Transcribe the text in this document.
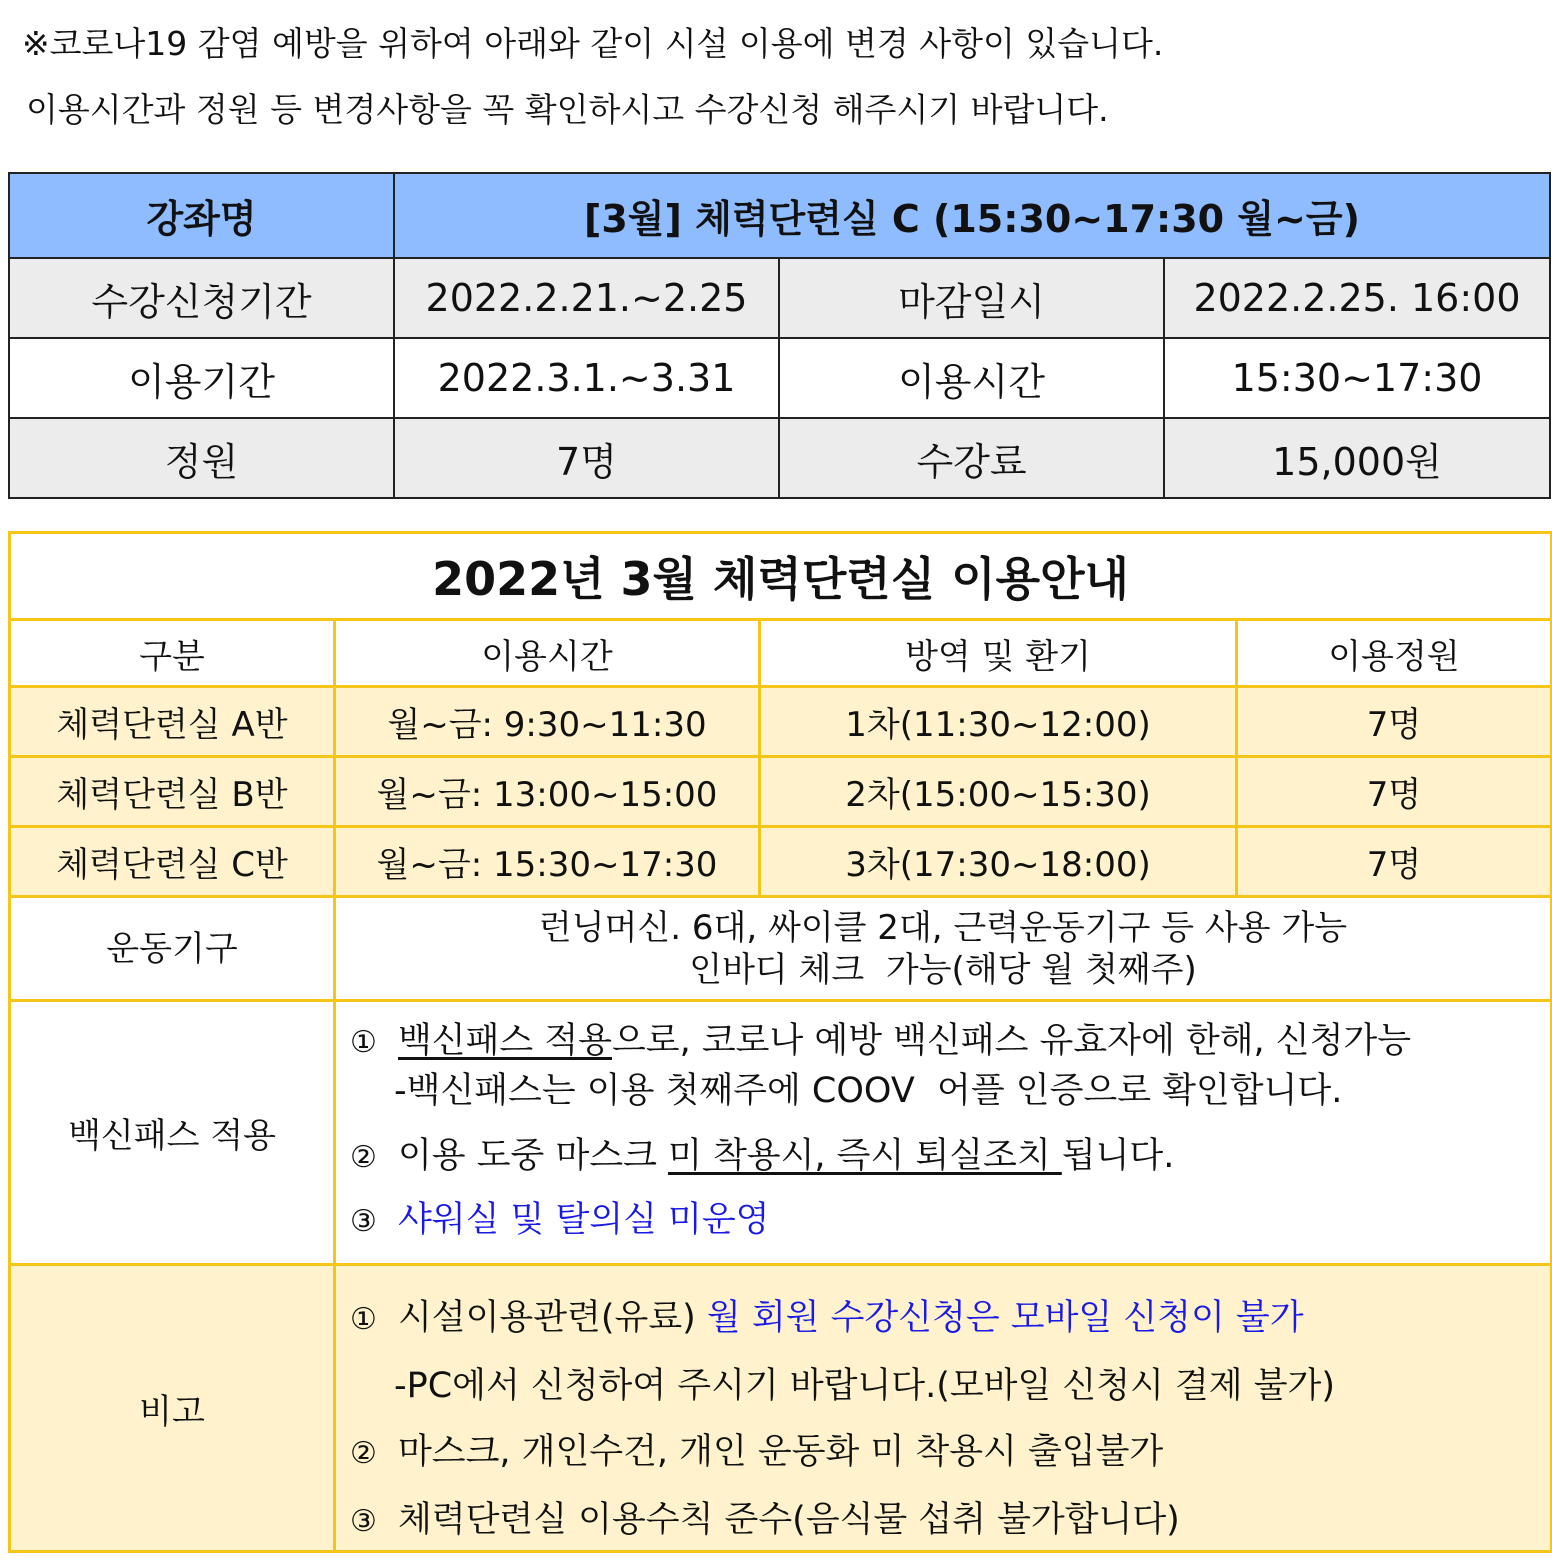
※코로나19 감염 예방을 위하여 아래와 같이 시설 이용에 변경 사항이 있습니다.
이용시간과 정원 등 변경사항을 꼭 확인하시고 수강신청 해주시기 바랍니다.
강좌명	[3월] 체력단련실 C (15:30~17:30 월~금)		
수강신청기간	2022.2.21.~2.25	마감일시	2022.2.25. 16:00
이용기간	2022.3.1.~3.31	이용시간	15:30~17:30
정원	7명	수강료	15,000원
2022년 3월 체력단련실 이용안내			
구분	이용시간	방역 및 환기	이용정원
체력단련실 A반	월~금: 9:30~11:30	1차(11:30~12:00)	7명
체력단련실 B반	월~금: 13:00~15:00	2차(15:00~15:30)	7명
체력단련실 C반	월~금: 15:30~17:30	3차(17:30~18:00)	7명
운동기구	런닝머신. 6대, 싸이클 2대, 근력운동기구 등 사용 가능
인바디 체크  가능(해당 월 첫째주)		

백신패스 적용	① 백신패스 적용으로, 코로나 예방 백신패스 유효자에 한해, 신청가능
-백신패스는 이용 첫째주에 COOV  어플 인증으로 확인합니다.
② 이용 도중 마스크 미 착용시, 즉시 퇴실조치 됩니다.
③ 샤워실 및 탈의실 미운영		

비고	① 시설이용관련(유료) 월 회원 수강신청은 모바일 신청이 불가
-PC에서 신청하여 주시기 바랍니다.(모바일 신청시 결제 불가)
② 마스크, 개인수건, 개인 운동화 미 착용시 출입불가
③ 체력단련실 이용수칙 준수(음식물 섭취 불가합니다)		
